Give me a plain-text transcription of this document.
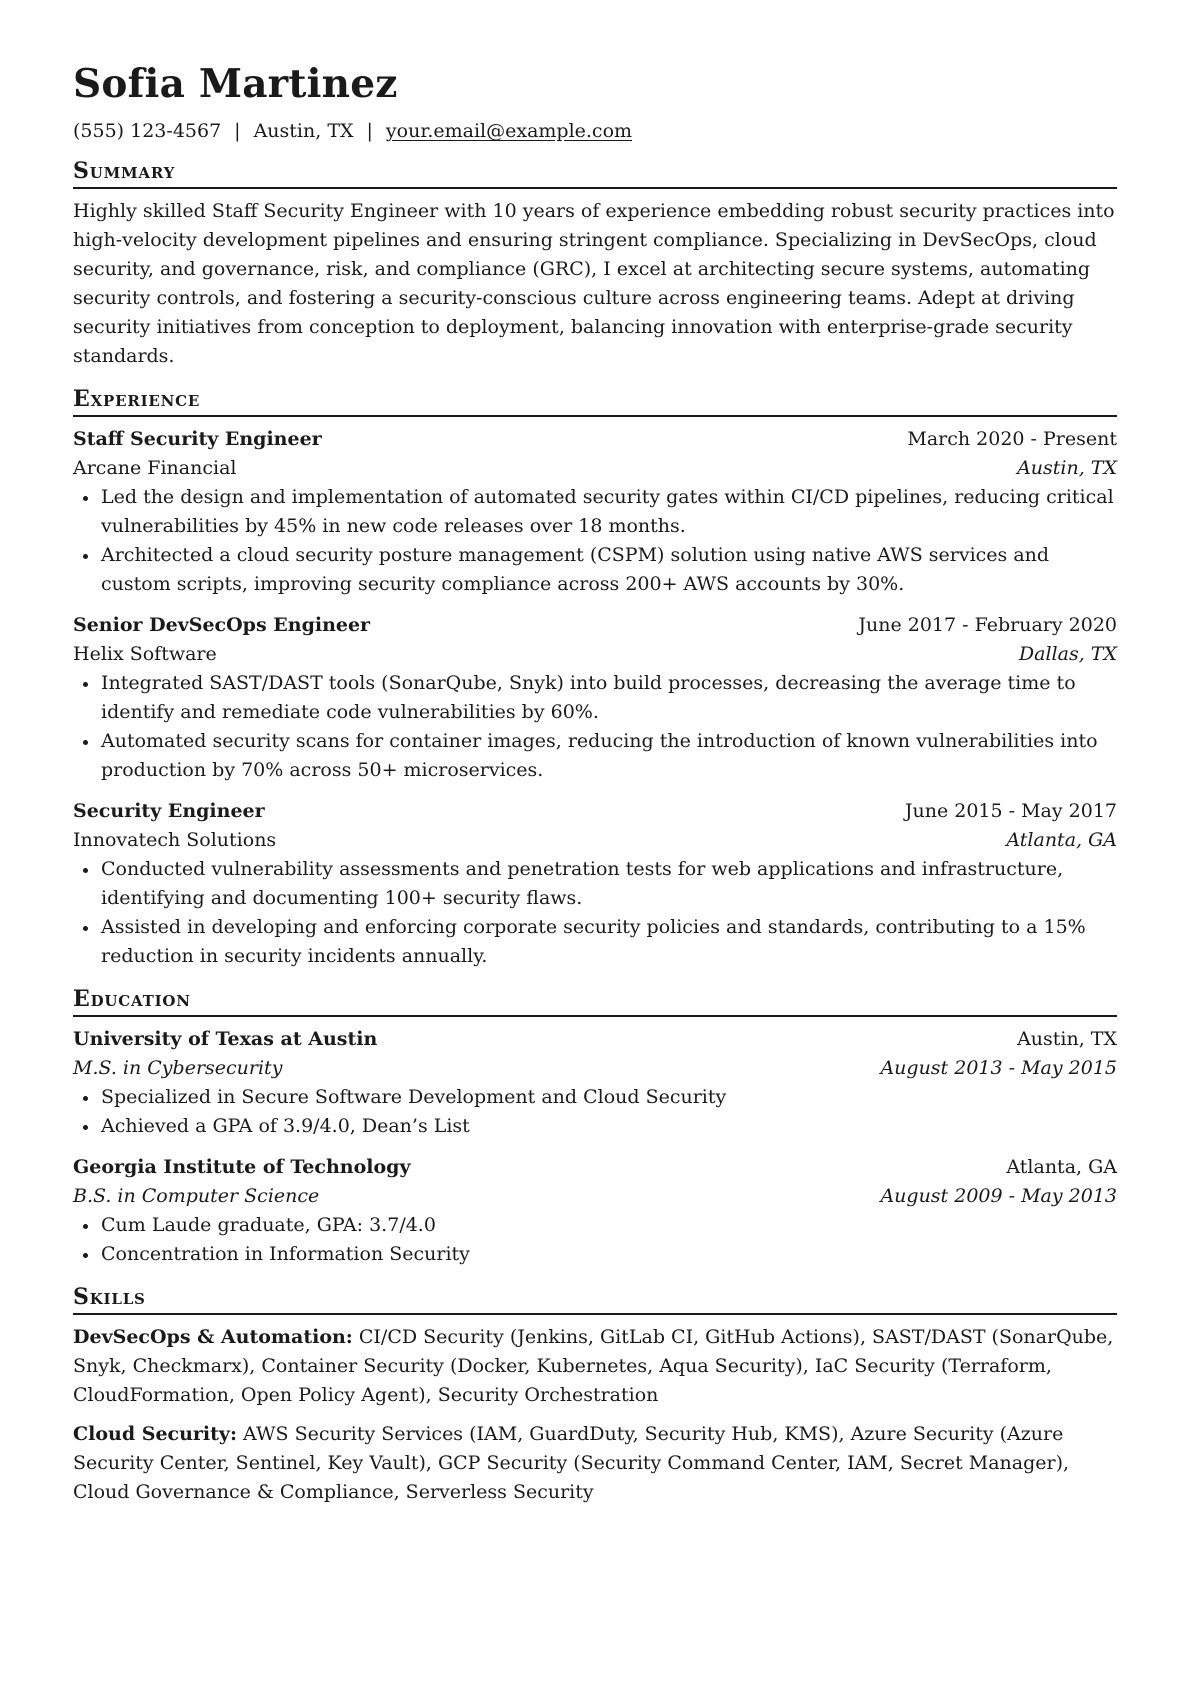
Sofia Martinez
(555) 123-4567 | Austin, TX | your.email@example.com
Summary
Highly skilled Staff Security Engineer with 10 years of experience embedding robust security practices into high-velocity development pipelines and ensuring stringent compliance. Specializing in DevSecOps, cloud security, and governance, risk, and compliance (GRC), I excel at architecting secure systems, automating security controls, and fostering a security-conscious culture across engineering teams. Adept at driving security initiatives from conception to deployment, balancing innovation with enterprise-grade security standards.
Experience
Staff Security Engineer	March 2020 - Present
Arcane Financial	Austin, TX
Led the design and implementation of automated security gates within CI/CD pipelines, reducing critical vulnerabilities by 45% in new code releases over 18 months.
Architected a cloud security posture management (CSPM) solution using native AWS services and custom scripts, improving security compliance across 200+ AWS accounts by 30%.
Senior DevSecOps Engineer	June 2017 - February 2020
Helix Software	Dallas, TX
Integrated SAST/DAST tools (SonarQube, Snyk) into build processes, decreasing the average time to identify and remediate code vulnerabilities by 60%.
Automated security scans for container images, reducing the introduction of known vulnerabilities into production by 70% across 50+ microservices.
Security Engineer	June 2015 - May 2017
Innovatech Solutions	Atlanta, GA
Conducted vulnerability assessments and penetration tests for web applications and infrastructure, identifying and documenting 100+ security flaws.
Assisted in developing and enforcing corporate security policies and standards, contributing to a 15% reduction in security incidents annually.
Education
University of Texas at Austin	Austin, TX
M.S. in Cybersecurity	August 2013 - May 2015
Specialized in Secure Software Development and Cloud Security
Achieved a GPA of 3.9/4.0, Dean’s List
Georgia Institute of Technology	Atlanta, GA
B.S. in Computer Science	August 2009 - May 2013
Cum Laude graduate, GPA: 3.7/4.0
Concentration in Information Security
Skills
DevSecOps & Automation: CI/CD Security (Jenkins, GitLab CI, GitHub Actions), SAST/DAST (SonarQube, Snyk, Checkmarx), Container Security (Docker, Kubernetes, Aqua Security), IaC Security (Terraform, CloudFormation, Open Policy Agent), Security Orchestration
Cloud Security: AWS Security Services (IAM, GuardDuty, Security Hub, KMS), Azure Security (Azure Security Center, Sentinel, Key Vault), GCP Security (Security Command Center, IAM, Secret Manager), Cloud Governance & Compliance, Serverless Security
